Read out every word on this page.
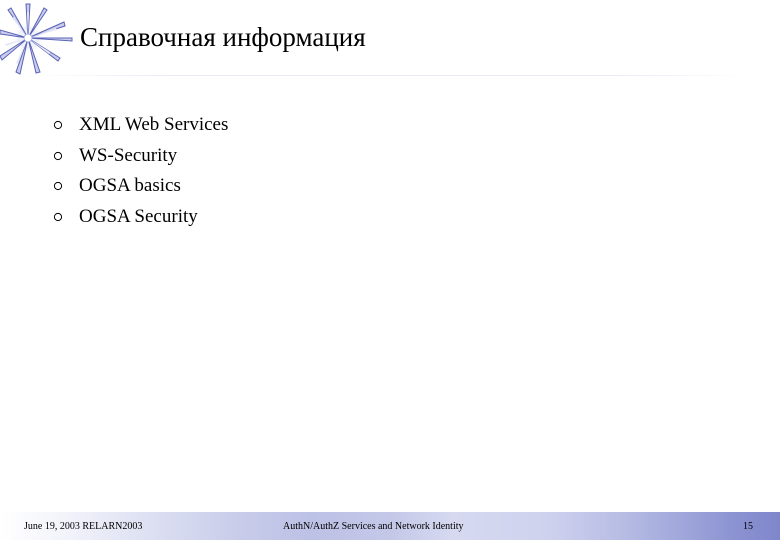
Справочная информация
XML Web Services
WS-Security
OGSA basics
OGSA Security
June 19, 2003 RELARN2003	AuthN/AuthZ Services and Network Identity	15
